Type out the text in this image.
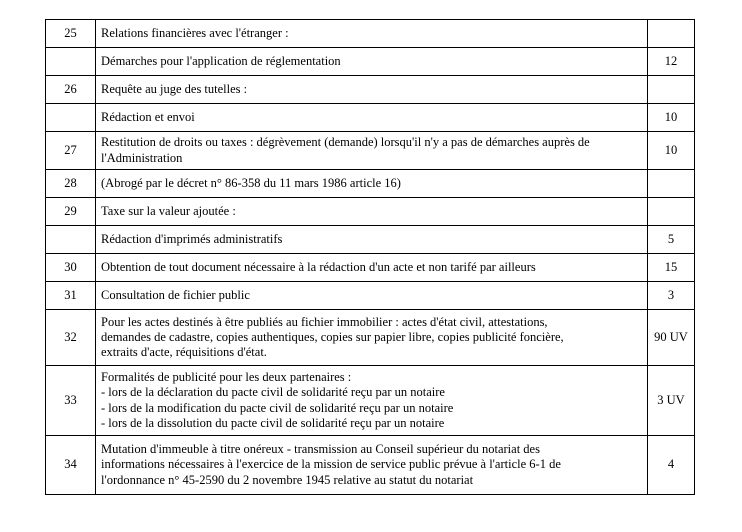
25	Relations financières avec l'étranger :	

	Démarches pour l'application de réglementation	12
26	Requête au juge des tutelles :	

	Rédaction et envoi	10
27	Restitution de droits ou taxes : dégrèvement (demande) lorsqu'il n'y a pas de démarches auprès de
l'Administration	10
28	(Abrogé par le décret n° 86-358 du 11 mars 1986 article 16)	

29	Taxe sur la valeur ajoutée :	

	Rédaction d'imprimés administratifs	5
30	Obtention de tout document nécessaire à la rédaction d'un acte et non tarifé par ailleurs	15
31	Consultation de fichier public	3
32	Pour les actes destinés à être publiés au fichier immobilier : actes d'état civil, attestations,
demandes de cadastre, copies authentiques, copies sur papier libre, copies publicité foncière,
extraits d'acte, réquisitions d'état.	90 UV
33	Formalités de publicité pour les deux partenaires :
- lors de la déclaration du pacte civil de solidarité reçu par un notaire
- lors de la modification du pacte civil de solidarité reçu par un notaire
- lors de la dissolution du pacte civil de solidarité reçu par un notaire	3 UV
34	Mutation d'immeuble à titre onéreux - transmission au Conseil supérieur du notariat des
informations nécessaires à l'exercice de la mission de service public prévue à l'article 6-1 de
l'ordonnance n° 45-2590 du 2 novembre 1945 relative au statut du notariat	4
